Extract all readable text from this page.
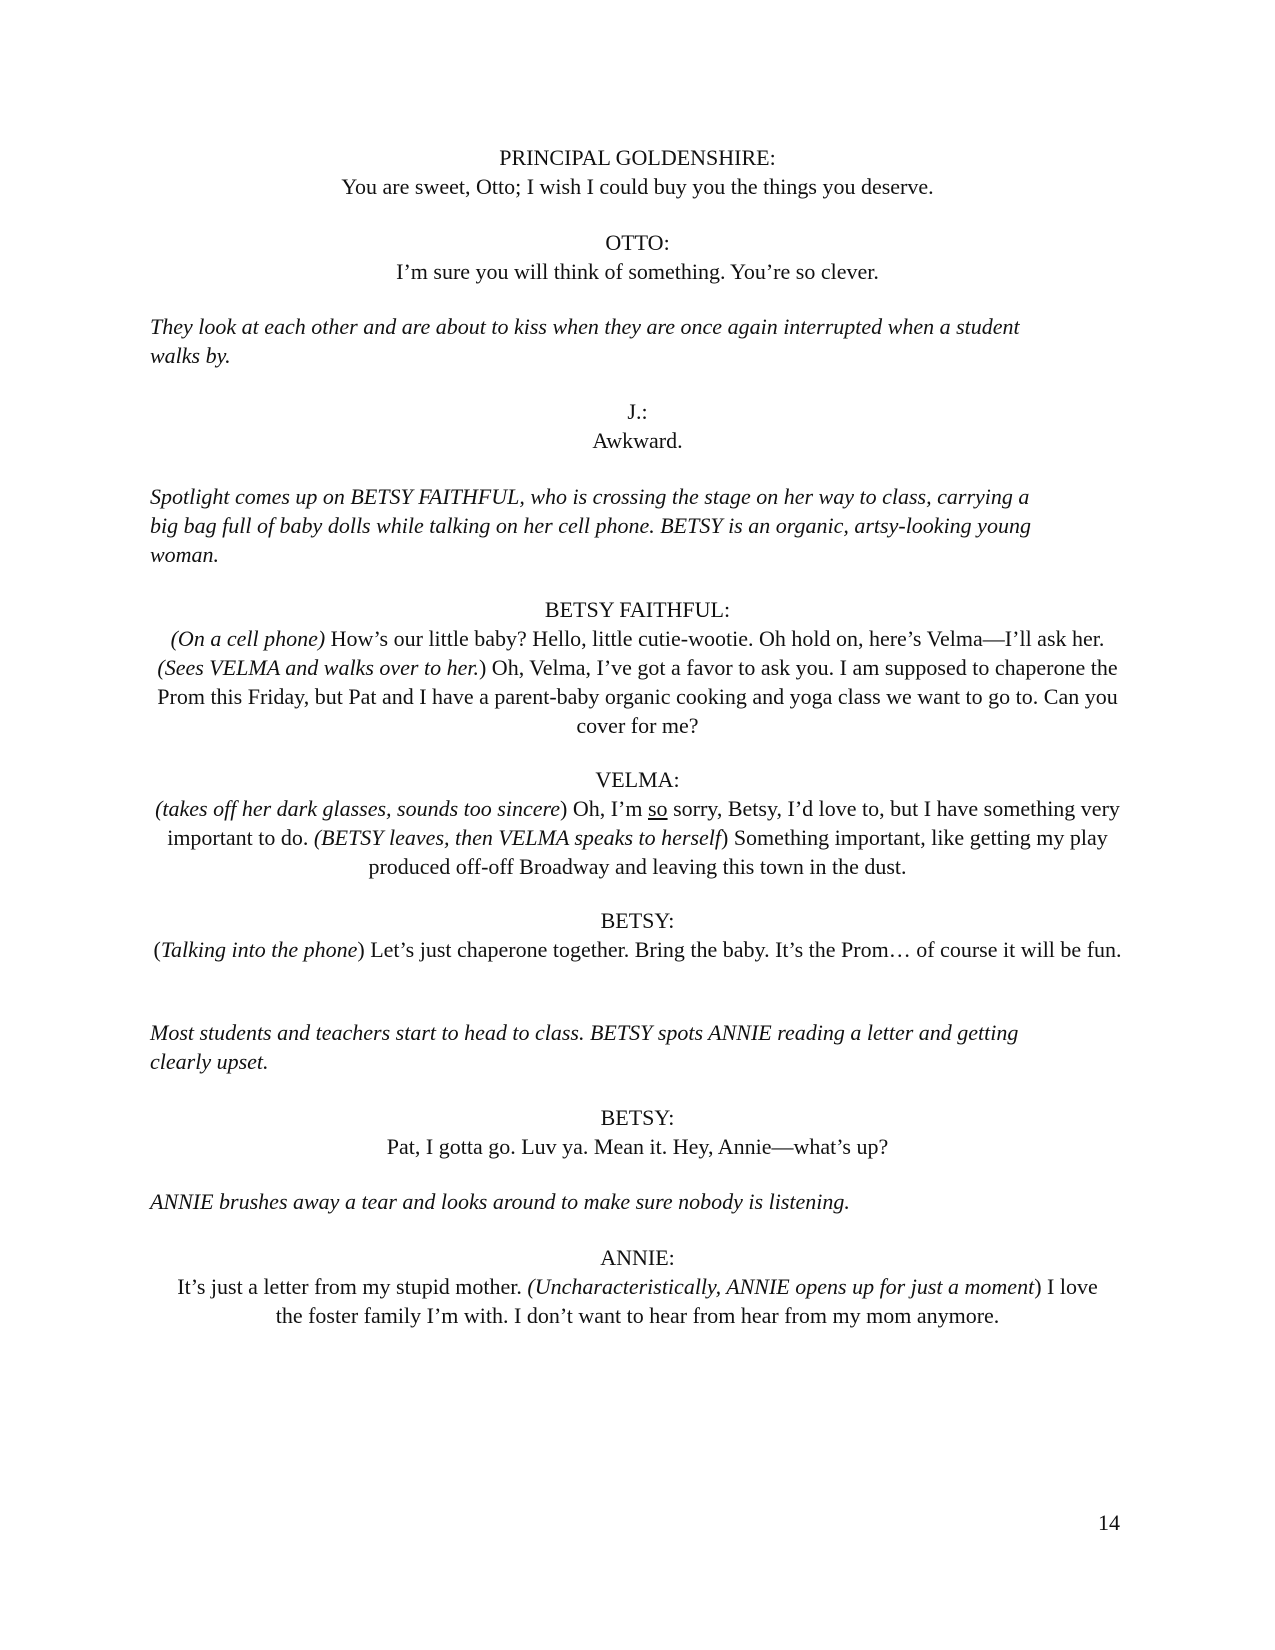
PRINCIPAL GOLDENSHIRE:
You are sweet, Otto; I wish I could buy you the things you deserve.
OTTO:
I’m sure you will think of something. You’re so clever.

They look at each other and are about to kiss when they are once again interrupted when a student walks by.

J.:
Awkward.

Spotlight comes up on BETSY FAITHFUL, who is crossing the stage on her way to class, carrying a big bag full of baby dolls while talking on her cell phone. BETSY is an organic, artsy-looking young woman.

BETSY FAITHFUL:
(On a cell phone) How’s our little baby? Hello, little cutie-wootie. Oh hold on, here’s Velma—I’ll ask her. (Sees VELMA and walks over to her.) Oh, Velma, I’ve got a favor to ask you. I am supposed to chaperone the Prom this Friday, but Pat and I have a parent-baby organic cooking and yoga class we want to go to. Can you cover for me?
VELMA:
(takes off her dark glasses, sounds too sincere) Oh, I’m so sorry, Betsy, I’d love to, but I have something very important to do. (BETSY leaves, then VELMA speaks to herself) Something important, like getting my play produced off-off Broadway and leaving this town in the dust.
BETSY:
(Talking into the phone) Let’s just chaperone together. Bring the baby. It’s the Prom… of course it will be fun.

Most students and teachers start to head to class. BETSY spots ANNIE reading a letter and getting clearly upset.

BETSY:
Pat, I gotta go. Luv ya. Mean it. Hey, Annie—what’s up?

ANNIE brushes away a tear and looks around to make sure nobody is listening.

ANNIE:
It’s just a letter from my stupid mother. (Uncharacteristically, ANNIE opens up for just a moment) I love the foster family I’m with. I don’t want to hear from hear from my mom anymore.
14
